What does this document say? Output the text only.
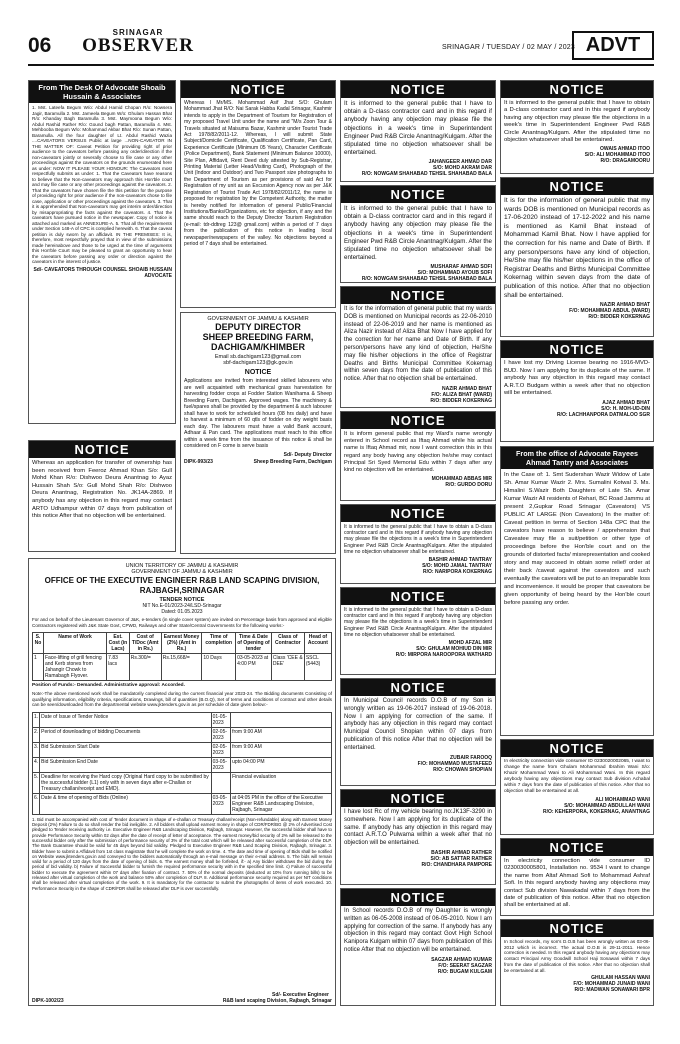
06
SRINAGAR
OBSERVER	SRINAGAR / TUESDAY / 02 MAY / 2023 ADVT
From The Desk Of Advocate Shoaib Hussain & Associates
1. Mst. Lateefa Begum W/o: Abdul Hamid Chopan R/o: Nowsera Jagir, Baramulla 2. Mst. Jameela Begum W/o: Ghulam Hassan Bhat R/o: Khanday Bagh Baramulla 3. Mst. Maymoona Begum W/o: Abdul Rashid Rather R/o: Gound bagh Pattan, Baramulla 4. Mst. Mehbooba Begum W/o: Mohammad Akbar Bhat R/o: Sunan Pattan, Baramulla. All the four daughter of Lt. Abdul Rashid Wazia ....CAVEATORS VERSUS Public at large ...NON-CAVEATOR IN THE MATTER OF: Caveat Petition for providing right of prior audience to the caveators before passing any order/direction if the non-caveators jointly or severally choose to file case or any other proceedings against the caveators on the grounds enumerated here as under: NOW IT PLEASE YOUR HONOUR: The Caveators most respectfully submits as under: 1. That the Caveators have reasons to believe that the Non-caveators may approach this Hon'ble court and may file case or any other proceedings against the caveators. 2. That the caveators have chosen file the this petition for the purpose of providing right for prior audience if the non-caveators chose to file case, application or other proceedings against the caveators. 3. That it is apprehended that Non-caveators may get interim order/direction by misappropriating the facts against the caveators. 4. That the caveators have pursued notice in the newspaper. Copy of notice is attached and marked as ANNEXURE-A. 5. That all the requirements under Section 148-A of CPC is complied herewith. 6. That the caveat petition is duly sworn by an affidavit. IN THE PREMISES: It is, therefore, most respectfully prayed that in view of the submissions made hereinabove and those to be urged at the time of arguments this Hon'ble Court may be pleased to grant an opportunity to hear the caveators before passing any order or direction against the caveators in the interest of justice.
Sd/- CAVEATORS THROUGH COUNSEL SHOAIB HUSSAIN ADVOCATE
NOTICE
Whereas an application for transfer of ownership has been received from Feeroz Ahmad Khan S/o: Gull Mohd Khan R/o: Dishwoo Deura Anantnag to Ayaz Hussain Shah S/o: Gull Mohd Shah R/o: Dishwoo Deura Anantnag, Registration No. JK14A-2869. If anybody has any objection in this regard may contact ARTO Udhampur within 07 days from publication of this notice After that no objection will be entertained.
NOTICE
Whereas I Mr/MS. Mohammad Asif Jhat S/O: Ghulam Mohammad Jhat R/O: Nai Sarak Habba Kadal Srinagar, Kashmir intends to apply in the Department of Tourism for Registration of my proposed Travel Unit under the name and "M/s Zoon Tour & Travels situated at Maisuma Bazar, Kashmir under Tourist Trade Act 1978/82/2011-12. Whereas, I will submit State Subject/Domicile Certificate, Qualification Certificate, Pan Card, Experience Certificate (Minimum 05 Years), Character Certificate (Police Department), Bank Statement (Minimum Balance 10000), Site Plan, Affidavit, Rent Deed duly attested by Sub-Registrar, Printing Material (Letter Head/Visiting Card), Photograph of the Unit (Indoor and Outdoor) and Two Passport size photographs to the Department of Tourism as per provisions of said Act for Registration of my unit as an Excursion Agency now as per J&K Registration of Tourist Trade Act 1978/82/2011/12, the name is proposed for registration by the Competent Authority, the matter is hereby notified for information of general Public/Financial Institutions/Banks/Organizations, etc for objection, if any and the same should reach to the Deputy Director Tourism Registration (e-mail: tdr-ddtreg 123@ gmail.com) within a period of 7 days from the publication of this notice in leading local newspaper/newspapers of the valley. No objections beyond a period of 7 days shall be entertained.
GOVERNMENT OF JAMMU & KASHMIR
DEPUTY DIRECTOR
SHEEP BREEDING FARM,
DACHIGAM/KHIMBER
Email sb.dachigam123@gmail.com
sbf-dachigam123@gk.gov.in
NOTICE
Applications are invited from interested skilled labourers who are well acquainted with mechanical grass harvestation for harvesting fodder crops at Fodder Station Wanihama & Sheep Breeding Farm, Dachigam. Approved wages. The machinery & fuel/spares shall be provided by the department & such labourer shall have to work for scheduled hours (08 hrs daily) and have to harvest a minimum of 60 qtls of fodder on dry weight basis each day. The labourers must have a valid Bank account, Adhaar & Pan card. The applications must reach to this office within a week time from the issuance of this notice & shall be considered on F come is serve basis
Sd/- Deputy Director
DIPK-993/23	Sheep Breeding Farm, Dachigam
UNION TERRITORY OF JAMMU & KASHMIR
GOVERNMENT OF JAMMU & KASHMIR
OFFICE OF THE EXECUTIVE ENGINEER R&B LAND SCAPING DIVISION, RAJBAGH,SRINAGAR
TENDER NOTICE
NIT No.E-01/2023-24/LSD-Srinagar
Dated: 01.05.2023
For and on behalf of the Lieutenant Governor of J&K, e-tenders (in single cover system) are invited on Percentage basis from approved and eligible Contractors registered with J&K State Govt, CPWD, Railways and other State/Central Governments for the following works:-
S. No	Name of Work	Est. Cost (in Lacs)	Cost of T/Doc (Amt in Rs.)	Earnest Money (2%) (Amt in Rs.)	Time of completion	Time & Date of Opening of tender	Class of Contractor	Head of Account
1	Face-lifting of grill fencing and Kerb stones from Jahangir Chowk to Ramabagh Flyover.	7.83 lacs	Rs.300/=	Rs.15,668/=	10 Days	03-05-2023 at 4:00 PM	Class 'CEE & DEE'	SSCL (5443)
Position of Funds:- Demanded. Administrative approval: Accorded.
Note:-The above mentioned work shall be mandatorily completed during the current financial year 2023-24. The Bidding documents Consisting of qualifying information, eligibility criteria, specifications, Drawings, bill of quantities (B.O.Q), Set of terms and conditions of contract and other details can be seen/downloaded from the departmental website www.jktenders.gov.in as per schedule of date given below:-
1.	Date of Issue of Tender Notice	01-05-2023	
2.	Period of downloading of bidding Documents	02-05-2023	from 9:00 AM
3.	Bid Submission Start Date	02-05-2023	from 9:00 AM
4.	Bid Submission End Date	03-05-2023	upto 04:00 PM
5.	Deadline for receiving the Hard copy (Original Hard copy to be submitted by the successful bidder (L1) only with in seven days after e-Challan or Treasury challan/receipt and EMD).		Financial evaluation
6.	Date & time of opening of Bids (Online)	03-05-2023	at 04:05 PM in the office of the Executive Engineer R&B Landscaping Division, Rajbagh, Srinagar
1. Bid must be accompanied with cost of Tender document in shape of e-challan or Treasury challan/receipt (Non-refundable) along with Earnest Money Deposit (2%) Failure to do so shall render the bid ineligible. 2. All bidders shall upload earnest money in shape of CDR/FDR/BG @ 2% of Advertised Cost pledged to Tender receiving authority i.e. Executive Engineer R&B Landscaping Division, Rajbagh, Srinagar. However, the successful bidder shall have to provide Performance Security within 02 days after the date of receipt of letter of acceptance. The earnest money/bid security of 2% will be released to the successful bidder only after the submission of performance security of 3% of the total cost which will be released after successful completion of the DLP. The Bank Guarantee should be valid for 45 days beyond bid validity. Pledged to Executive Engineer R&B Land Scaping Division, Rajbagh, Srinagar. 3. Bidder have to submit a Affidavit from 1st class magistrate that he will complete the work on time. 4. The date and time of opening of Bids shall be notified on Website www.jktenders.gov.in and conveyed to the bidders automatically through an e-mail message on their e-mail address. 5. The bids will remain valid for a period of 120 days from the date of opening of bids. 6. The earnest money shall be forfeited, if:- a) Any bidder withdraws the bid during the period of bid validity. b) Failure of Successful bidder to furnish the required performance security with in the specified time limit. c) Failure of successful bidder to execute the agreement within 07 days after fixation of contract. 7. 50% of the normal deposits (deducted at 10% from running bills) to be released after virtual completion of the work and balance 50% after completion of DLP. 8. Additional performance security required as per NIT conditions shall be released after virtual completion of the work. 9. It is mandatory for the contractor to submit the photographs of items of work executed. 10. Performance Security in the shape of CDR/FDR shall be released after DLP is over successfully.
Sd/- Executive Engineer
DIPK-1002/23	R&B land scaping Division, Rajbagh, Srinagar
NOTICE
It is informed to the general public that I have to obtain a D-class contractor card and in this regard if anybody having any objection may please file the objections in a week's time in Superintendent Engineer Pwd R&B Circle Anantnag/Kulgam. After the stipulated time no objection whatsoever shall be entertained.
JAHANGEER AHMAD DAR
S/O: MOHD AKRAM DAR
R/O: NOWGAM SHAHABAD TEHSIL SHAHABAD BALA
NOTICE
It is informed to the general public that I have to obtain a D-class contractor card and in this regard if anybody having any objection may please file the objections in a week's time in Superintendent Engineer Pwd R&B Circle Anantnag/Kulgam. After the stipulated time no objection whatsoever shall be entertained.
MUSHARAF AHMAD SOFI
S/O: MOHAMMAD AYOUB SOFI
R/O: NOWGAM SHAHABAD TEHSIL SHAHABAD BALA
NOTICE
It is for the information of general public that my wards DOB is mentioned on Municipal records as 22-06-2010 instead of 22-06-2019 and her name is mentioned as Aliza Nazir instead of Aliza Bhat Now I have applied for the correction for her name and Date of Birth. If any person/persons have any kind of objection, He/She may file his/her objections in the office of Registrar Deaths and Births Municipal Committee Kokernag within seven days from the date of publication of this notice. After that no objection shall be entertained.
NAZIR AHMAD BHAT
F/O: ALIZA BHAT (WARD)
R/O: BIDDER KOKERNAG
NOTICE
It is inform general public that my Ward's name wrongly entered in School record as Iftaq Ahmad while his actual name is Iftaq Ahmad mir, now I want correction this in this regard any body having any objection he/she may contact Principal Sri Syed Memorial Edu within 7 days after any kind no objection will be entertained.
MOHAMMAD ABBAS MIR
R/O: GURDO DORU
NOTICE
It is informed to the general public that I have to obtain a D-class contractor card and in this regard if anybody having any objection may please file the objections in a week's time in Superintendent Engineer Pwd R&B Circle Anantnag/Kulgam. After the stipulated time no objection whatsoever shall be entertained.
BASHIR AHMAD TANTRAY
S/O: MOHD JAMAL TANTRAY
R/O: NARIPORA KOKERNAG
NOTICE
It is informed to the general public that I have to obtain a D-class contractor card and in this regard if anybody having any objection may please file the objections in a week's time in Superintendent Engineer Pwd R&B Circle Anantnag/Kulgam. After the stipulated time no objection whatsoever shall be entertained.
MOHD AFZAL MIR
S/O: GHULAM MOHIUD DIN MIR
R/O: MIRPORA NAROOPORA WATHARD
NOTICE
In Municipal Council records D.O.B of my Son is wrongly written as 19-06-2017 instead of 19-06-2018. Now I am applying for correction of the same. If anybody has any objection in this regard may contact Municipal Council Shopian within 07 days from publication of this notice After that no objection will be entertained.
ZUBAIR FAROOQ
F/O: MOHAMMAD MUSTAFEED
R/O: CHOWAN SHOPIAN
NOTICE
I have lost Rc of my vehicle bearing no:JK13F-3290 in somewhere. Now I am applying for its duplicate of the same. If anybody has any objection in this regard may contact A.R.T.O Pulwama within a week after that no objection will be entertained.
BASHIR AHMAD RATHER
S/O: AB SATTAR RATHER
R/O: CHANDHARA PAMPORE
NOTICE
In School records D.O.B of my Daughter is wrongly written as 06-05-2008 instead of 06-05-2010. Now I am applying for correction of the same. If anybody has any objection in this regard may contact Govt High School Kanipora Kulgam within 07 days from publication of this notice After that no objection will be entertained.
SAGZAR AHMAD KUMAR
F/O: SEERAT SAGZAR
R/O: BUGAM KULGAM
NOTICE
It is informed to the general public that I have to obtain a D-class contractor card and in this regard if anybody having any objection may please file the objections in a week's time in Superintendent Engineer Pwd R&B Circle Anantnag/Kulgam. After the stipulated time no objection whatsoever shall be entertained.
OWAIS AHMAD ITOO
S/O: ALI MOHAMMAD ITOO
R/O: DRAGAMOORU
NOTICE
It is for the information of general public that my wards DOB is mentioned on Municipal records as 17-06-2020 instead of 17-12-2022 and his name is mentioned as Kamil Bhat instead of Mohammad Kamil Bhat. Now I have applied for the correction for his name and Date of Birth. If any person/persons have any kind of objection, He/She may file his/her objections in the office of Registrar Deaths and Births Municipal Committee Kokernag within seven days from the date of publication of this notice. After that no objection shall be entertained.
NAZIR AHMAD BHAT
F/O: MOHAMMAD ABDUL (WARD)
R/O: BIDDER KOKERNAG
NOTICE
I have lost my Driving License bearing no 1916-MVD-BUD. Now I am applying for its duplicate of the same. If anybody has any objection in this regard may contact A.R.T.O Budgam within a week after that no objection will be entertained.
AJAZ AHMAD BHAT
S/O: H. MOH-UD-DIN
R/O: LACHHANPORA DATMALOO SGR
From the office of Advocate Rayees Ahmad Tantry and Associates
In the Case of: 1. Smt Sudershan Wazir Widow of Late Sh. Amar Kumar Wazir 2. Mrs. Sumalini Kotwal 3. Ms. Himalini S.Wazir Both Daughters of Late Sh. Amar Kumar Wazir All residents of Rehari, BC Road Jammu at present 2,Gupkar Road Srinagar (Caveators) VS PUBLIC AT LARGE (Non Caveators) In the matter of: Caveat petition in terms of Section 148a CPC that the caveators have reason to believe / apprehension that Caveatee may file a suit/petition or other type of proceedings before the Hon'ble court and on the grounds of distorted facts/ misrepresentation and cooked story and may succeed in obtain some relief/ order at their back /caveat against the caveators and such eventually the caveators will be put to an irreparable loss and inconvenience. it would be proper that caveators be given opportunity of being heard by the Hon'ble court before passing any order.
NOTICE
In electricity connection vide consumer ID 0230020002065, I want to change the name from Ghulam Mohammad Ibrahim Wani S/o: Khazir Mohammad Wani to Ali Mohammad Wani. In this regard anybody having any objections may contact Sub division Achabal within 7 days from the date of publication of this notice. After that no objection shall be entertained at all.
ALI MOHAMMAD WANI
S/O: MOHAMMAD ABDULLAH WANI
R/O: KEHERPORA, KOKERNAG, ANANTNAG
NOTICE
In electricity connection vide consumer ID 0230030005801, Installation no. 9534 I want to change the name from Altaf Ahmad Sofi to Mohammad Ashraf Sofi. In this regard anybody having any objections may contact Sub division Nawakadal within 7 days from the date of publication of this notice. After that no objection shall be entertained at all.
NOTICE
In School records, my son's D.O.B has been wrongly written as 03-06-2012 which is incorrect. The actual D.O.B is 29-11-2011. Hence correction is needed. In this regard anybody having any objections may contact Principal Army Goodwill School Haji Sonawari within 7 days from the date of publication of this notice. After that no objection shall be entertained at all.
GHULAM HASSAN WANI
F/O: MOHAMMAD JUNAID WANI
R/O: MADWAN SONAWARI BPR
